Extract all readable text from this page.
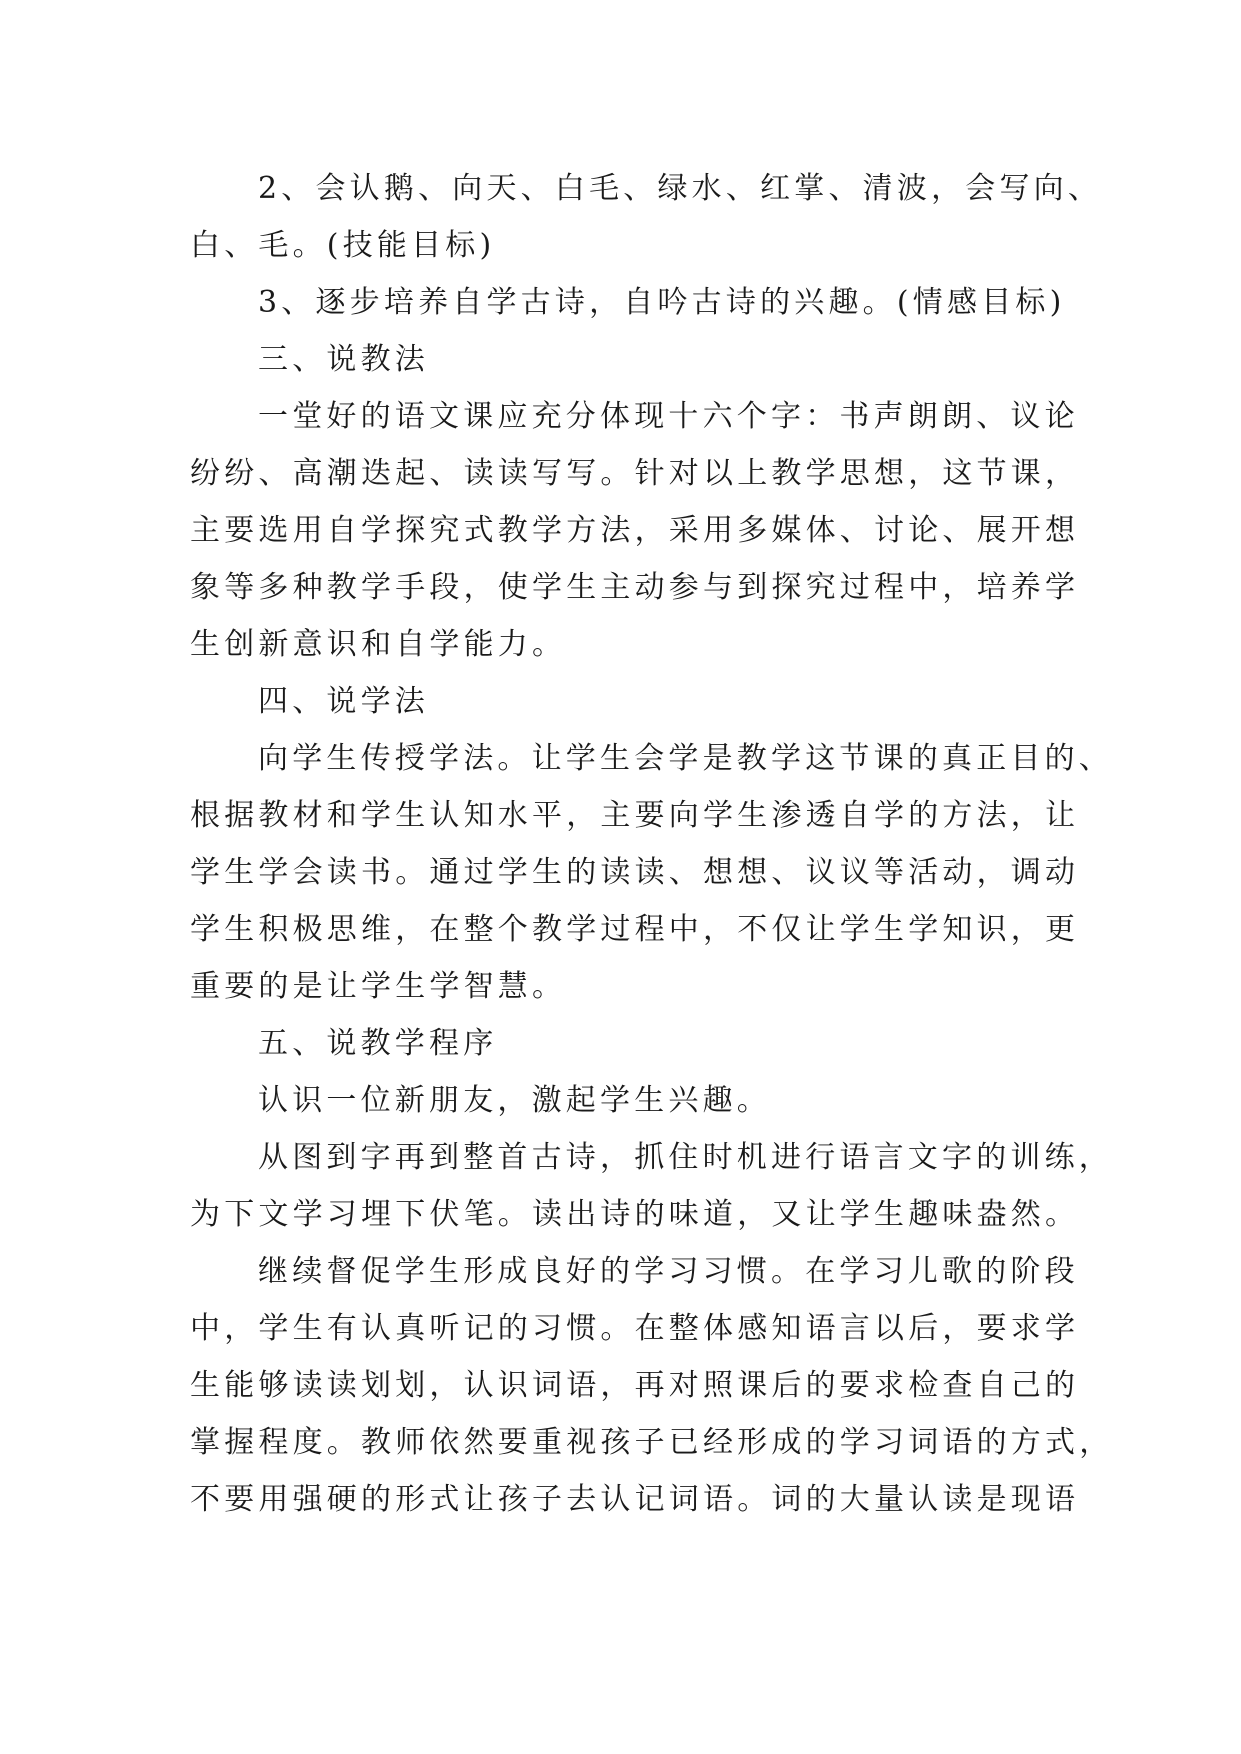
2、会认鹅、向天、白毛、绿水、红掌、清波，会写向、
白、毛。(技能目标)
3、逐步培养自学古诗，自吟古诗的兴趣。(情感目标)
三、说教法
一堂好的语文课应充分体现十六个字：书声朗朗、议论
纷纷、高潮迭起、读读写写。针对以上教学思想，这节课，
主要选用自学探究式教学方法，采用多媒体、讨论、展开想
象等多种教学手段，使学生主动参与到探究过程中，培养学
生创新意识和自学能力。
四、说学法
向学生传授学法。让学生会学是教学这节课的真正目的、
根据教材和学生认知水平，主要向学生渗透自学的方法，让
学生学会读书。通过学生的读读、想想、议议等活动，调动
学生积极思维，在整个教学过程中，不仅让学生学知识，更
重要的是让学生学智慧。
五、说教学程序
认识一位新朋友，激起学生兴趣。
从图到字再到整首古诗，抓住时机进行语言文字的训练，
为下文学习埋下伏笔。读出诗的味道，又让学生趣味盎然。
继续督促学生形成良好的学习习惯。在学习儿歌的阶段
中，学生有认真听记的习惯。在整体感知语言以后，要求学
生能够读读划划，认识词语，再对照课后的要求检查自己的
掌握程度。教师依然要重视孩子已经形成的学习词语的方式，
不要用强硬的形式让孩子去认记词语。词的大量认读是现语
